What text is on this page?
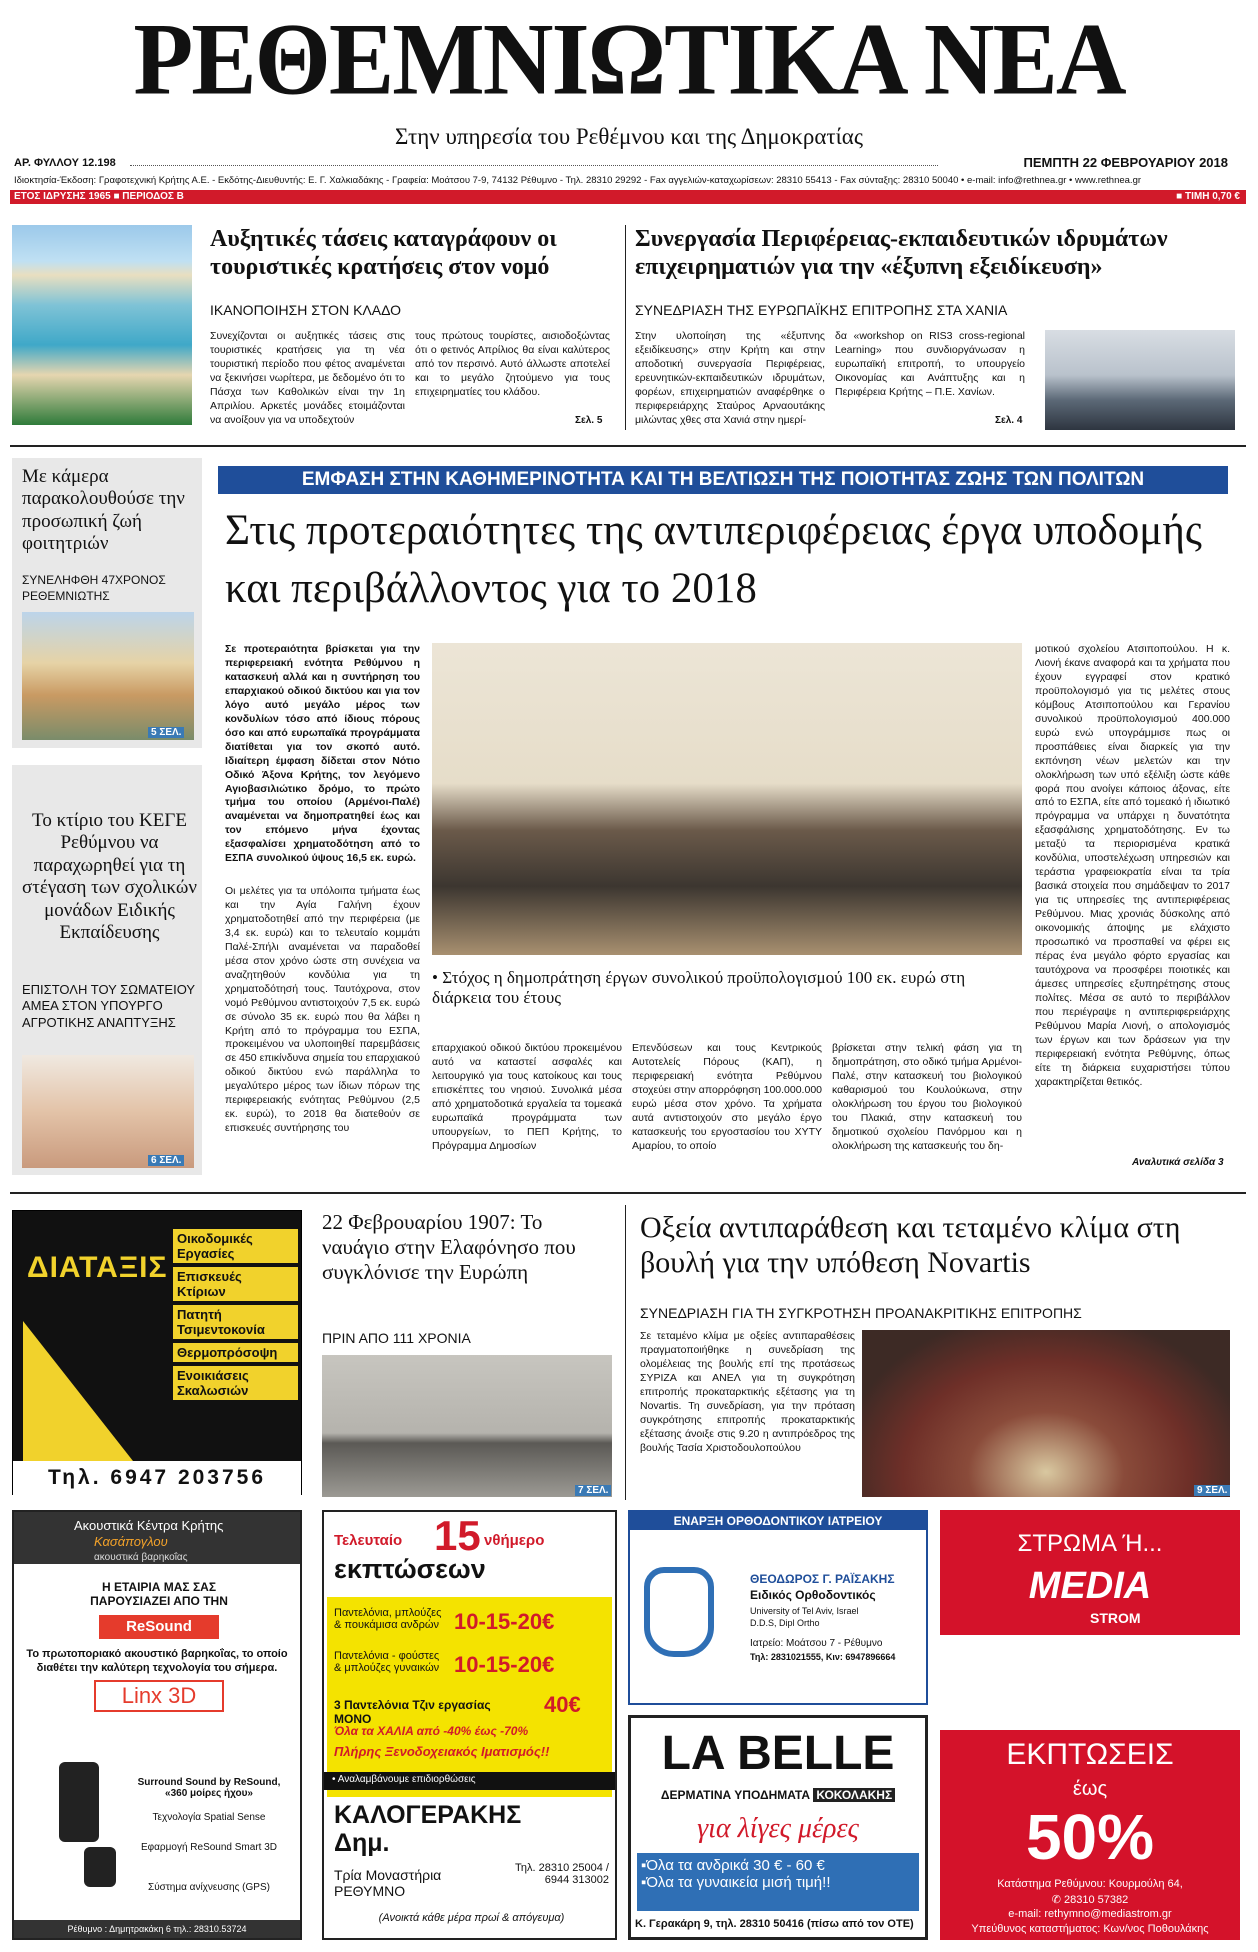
ΡΕΘΕΜΝΙΩΤΙΚΑ ΝΕΑ
Στην υπηρεσία του Ρεθέμνου και της Δημοκρατίας
ΑΡ. ΦΥΛΛΟΥ 12.198	ΠΕΜΠΤΗ 22 ΦΕΒΡΟΥΑΡΙΟΥ 2018
Ιδιοκτησία-Έκδοση: Γραφοτεχνική Κρήτης Α.Ε. - Εκδότης-Διευθυντής: Ε. Γ. Χαλκιαδάκης - Γραφεία: Μοάτσου 7-9, 74132 Ρέθυμνο - Τηλ. 28310 29292 - Fax αγγελιών-καταχωρίσεων: 28310 55413 - Fax σύνταξης: 28310 50040 • e-mail: info@rethnea.gr • www.rethnea.gr
ΕΤΟΣ ΙΔΡΥΣΗΣ 1965 ■ ΠΕΡΙΟΔΟΣ Β	■ ΤΙΜΗ 0,70 €
Αυξητικές τάσεις καταγράφουν οι τουριστικές κρατήσεις στον νομό
ΙΚΑΝΟΠΟΙΗΣΗ ΣΤΟΝ ΚΛΑΔΟ
Συνεχίζονται οι αυξητικές τάσεις στις τουριστικές κρατήσεις για τη νέα τουριστική περίοδο που φέτος αναμένεται να ξεκινήσει νωρίτερα, με δεδομένο ότι το Πάσχα των Καθολικών είναι την 1η Απριλίου. Αρκετές μονάδες ετοιμάζονται να ανοίξουν για να υποδεχτούν
τους πρώτους τουρίστες, αισιοδοξώντας ότι ο φετινός Απρίλιος θα είναι καλύτερος από τον περσινό. Αυτό άλλωστε αποτελεί και το μεγάλο ζητούμενο για τους επιχειρηματίες του κλάδου.
Σελ. 5
Συνεργασία Περιφέρειας-εκπαιδευτικών ιδρυμάτων επιχειρηματιών για την «έξυπνη εξειδίκευση»
ΣΥΝΕΔΡΙΑΣΗ ΤΗΣ ΕΥΡΩΠΑΪΚΗΣ ΕΠΙΤΡΟΠΗΣ ΣΤΑ ΧΑΝΙΑ
Στην υλοποίηση της «έξυπνης εξειδίκευσης» στην Κρήτη και στην αποδοτική συνεργασία Περιφέρειας, ερευνητικών-εκπαιδευτικών ιδρυμάτων, φορέων, επιχειρηματιών αναφέρθηκε ο περιφερειάρχης Σταύρος Αρναουτάκης μιλώντας χθες στα Χανιά στην ημερί-
δα «workshop on RIS3 cross-regional Learning» που συνδιοργάνωσαν η ευρωπαϊκή επιτροπή, το υπουργείο Οικονομίας και Ανάπτυξης και η Περιφέρεια Κρήτης – Π.Ε. Χανίων.
Σελ. 4
Με κάμερα παρακολουθούσε την προσωπική ζωή φοιτητριών
ΣΥΝΕΛΗΦΘΗ 47ΧΡΟΝΟΣ ΡΕΘΕΜΝΙΩΤΗΣ
5 ΣΕΛ.
Το κτίριο του ΚΕΓΕ Ρεθύμνου να παραχωρηθεί για τη στέγαση των σχολικών μονάδων Ειδικής Εκπαίδευσης
ΕΠΙΣΤΟΛΗ ΤΟΥ ΣΩΜΑΤΕΙΟΥ ΑΜΕΑ ΣΤΟΝ ΥΠΟΥΡΓΟ ΑΓΡΟΤΙΚΗΣ ΑΝΑΠΤΥΞΗΣ
6 ΣΕΛ.
ΕΜΦΑΣΗ ΣΤΗΝ ΚΑΘΗΜΕΡΙΝΟΤΗΤΑ ΚΑΙ ΤΗ ΒΕΛΤΙΩΣΗ ΤΗΣ ΠΟΙΟΤΗΤΑΣ ΖΩΗΣ ΤΩΝ ΠΟΛΙΤΩΝ
Στις προτεραιότητες της αντιπεριφέρειας έργα υποδομής και περιβάλλοντος για το 2018
Σε προτεραιότητα βρίσκεται για την περιφερειακή ενότητα Ρεθύμνου η κατασκευή αλλά και η συντήρηση του επαρχιακού οδικού δικτύου και για τον λόγο αυτό μεγάλο μέρος των κονδυλίων τόσο από ίδιους πόρους όσο και από ευρωπαϊκά προγράμματα διατίθεται για τον σκοπό αυτό. Ιδιαίτερη έμφαση δίδεται στον Νότιο Οδικό Άξονα Κρήτης, τον λεγόμενο Αγιοβασιλιώτικο δρόμο, το πρώτο τμήμα του οποίου (Αρμένοι-Παλέ) αναμένεται να δημοπρατηθεί έως και τον επόμενο μήνα έχοντας εξασφαλίσει χρηματοδότηση από το ΕΣΠΑ συνολικού ύψους 16,5 εκ. ευρώ.
Οι μελέτες για τα υπόλοιπα τμήματα έως και την Αγία Γαλήνη έχουν χρηματοδοτηθεί από την περιφέρεια (με 3,4 εκ. ευρώ) και το τελευταίο κομμάτι Παλέ-Σπήλι αναμένεται να παραδοθεί μέσα στον χρόνο ώστε στη συνέχεια να αναζητηθούν κονδύλια για τη χρηματοδότησή τους. Ταυτόχρονα, στον νομό Ρεθύμνου αντιστοιχούν 7,5 εκ. ευρώ σε σύνολο 35 εκ. ευρώ που θα λάβει η Κρήτη από το πρόγραμμα του ΕΣΠΑ, προκειμένου να υλοποιηθεί παρεμβάσεις σε 450 επικίνδυνα σημεία του επαρχιακού οδικού δικτύου ενώ παράλληλα το μεγαλύτερο μέρος των ίδιων πόρων της περιφερειακής ενότητας Ρεθύμνου (2,5 εκ. ευρώ), το 2018 θα διατεθούν σε επισκευές συντήρησης του
• Στόχος η δημοπράτηση έργων συνολικού προϋπολογισμού 100 εκ. ευρώ στη διάρκεια του έτους
επαρχιακού οδικού δικτύου προκειμένου αυτό να καταστεί ασφαλές και λειτουργικό για τους κατοίκους και τους επισκέπτες του νησιού. Συνολικά μέσα από χρηματοδοτικά εργαλεία τα τομεακά ευρωπαϊκά προγράμματα των υπουργείων, το ΠΕΠ Κρήτης, το Πρόγραμμα Δημοσίων
Επενδύσεων και τους Κεντρικούς Αυτοτελείς Πόρους (ΚΑΠ), η περιφερειακή ενότητα Ρεθύμνου στοχεύει στην απορρόφηση 100.000.000 ευρώ μέσα στον χρόνο. Τα χρήματα αυτά αντιστοιχούν στο μεγάλο έργο κατασκευής του εργοστασίου του ΧΥΤΥ Αμαρίου, το οποίο
βρίσκεται στην τελική φάση για τη δημοπράτηση, στο οδικό τμήμα Αρμένοι-Παλέ, στην κατασκευή του βιολογικού καθαρισμού του Κουλούκωνα, στην ολοκλήρωση του έργου του βιολογικού του Πλακιά, στην κατασκευή του δημοτικού σχολείου Πανόρμου και η ολοκλήρωση της κατασκευής του δη-
μοτικού σχολείου Ατσιποπούλου. Η κ. Λιονή έκανε αναφορά και τα χρήματα που έχουν εγγραφεί στον κρατικό προϋπολογισμό για τις μελέτες στους κόμβους Ατσιποπούλου και Γερανίου συνολικού προϋπολογισμού 400.000 ευρώ ενώ υπογράμμισε πως οι προσπάθειες είναι διαρκείς για την εκπόνηση νέων μελετών και την ολοκλήρωση των υπό εξέλιξη ώστε κάθε φορά που ανοίγει κάποιος άξονας, είτε από το ΕΣΠΑ, είτε από τομεακό ή ιδιωτικό πρόγραμμα να υπάρχει η δυνατότητα εξασφάλισης χρηματοδότησης. Εν τω μεταξύ τα περιορισμένα κρατικά κονδύλια, υποστελέχωση υπηρεσιών και τεράστια γραφειοκρατία είναι τα τρία βασικά στοιχεία που σημάδεψαν το 2017 για τις υπηρεσίες της αντιπεριφέρειας Ρεθύμνου. Μιας χρονιάς δύσκολης από οικονομικής άποψης με ελάχιστο προσωπικό να προσπαθεί να φέρει εις πέρας ένα μεγάλο φόρτο εργασίας και ταυτόχρονα να προσφέρει ποιοτικές και άμεσες υπηρεσίες εξυπηρέτησης στους πολίτες. Μέσα σε αυτό το περιβάλλον που περιέγραψε η αντιπεριφερειάρχης Ρεθύμνου Μαρία Λιονή, ο απολογισμός των έργων και των δράσεων για την περιφερειακή ενότητα Ρεθύμνης, όπως είτε τη διάρκεια ευχαριστήσει τύπου χαρακτηρίζεται θετικός.
Αναλυτικά σελίδα 3
ΔΙΑΤΑΞΙΣ
Οικοδομικές Εργασίες
Επισκευές Κτίριων
Πατητή Τσιμεντοκονία
Θερμοπρόσοψη
Ενοικιάσεις Σκαλωσιών
Τηλ. 6947 203756
22 Φεβρουαρίου 1907: Το ναυάγιο στην Ελαφόνησο που συγκλόνισε την Ευρώπη
ΠΡΙΝ ΑΠΟ 111 ΧΡΟΝΙΑ
7 ΣΕΛ.
Οξεία αντιπαράθεση και τεταμένο κλίμα στη βουλή για την υπόθεση Novartis
ΣΥΝΕΔΡΙΑΣΗ ΓΙΑ ΤΗ ΣΥΓΚΡΟΤΗΣΗ ΠΡΟΑΝΑΚΡΙΤΙΚΗΣ ΕΠΙΤΡΟΠΗΣ
Σε τεταμένο κλίμα με οξείες αντιπαραθέσεις πραγματοποιήθηκε η συνεδρίαση της ολομέλειας της βουλής επί της προτάσεως ΣΥΡΙΖΑ και ΑΝΕΛ για τη συγκρότηση επιτροπής προκαταρκτικής εξέτασης για τη Novartis. Τη συνεδρίαση, για την πρόταση συγκρότησης επιτροπής προκαταρκτικής εξέτασης άνοιξε στις 9.20 η αντιπρόεδρος της βουλής Τασία Χριστοδουλοπούλου
9 ΣΕΛ.
Ακουστικά Κέντρα Κρήτης
Κασάπογλου
ακουστικά βαρηκοΐας
Η ΕΤΑΙΡΙΑ ΜΑΣ ΣΑΣ ΠΑΡΟΥΣΙΑΖΕΙ ΑΠΟ ΤΗΝ
ReSound
Το πρωτοποριακό ακουστικό βαρηκοΐας, το οποίο διαθέτει την καλύτερη τεχνολογία του σήμερα.
Linx 3D
Surround Sound by ReSound, «360 μοίρες ήχου»
Τεχνολογία Spatial Sense
Εφαρμογή ReSound Smart 3D
Σύστημα ανίχνευσης (GPS)
Ρέθυμνο : Δημητρακάκη 6 τηλ.: 28310.53724
Τελευταίο 15 νθήμερο
εκπτώσεων
Παντελόνια, μπλούζες & πουκάμισα ανδρών 10-15-20€
Παντελόνια - φούστες & μπλούζες γυναικών 10-15-20€
3 Παντελόνια Τζιν εργασίας ΜΟΝΟ
40€
Όλα τα ΧΑΛΙΑ από -40% έως -70%
Πλήρης Ξενοδοχειακός Ιματισμός!!
• Αναλαμβάνουμε επιδιορθώσεις
ΚΑΛΟΓΕΡΑΚΗΣ Δημ.
Τρία Μοναστήρια ΡΕΘΥΜΝΟ
Τηλ. 28310 25004 / 6944 313002
(Ανοικτά κάθε μέρα πρωί & απόγευμα)
ΕΝΑΡΞΗ ΟΡΘΟΔΟΝΤΙΚΟΥ ΙΑΤΡΕΙΟΥ
ΘΕΟΔΩΡΟΣ Γ. ΡΑΪΣΑΚΗΣ
Ειδικός Ορθοδοντικός
University of Tel Aviv, Israel
D.D.S, Dipl Ortho
Ιατρείο: Μοάτσου 7 - Ρέθυμνο
Τηλ: 2831021555, Κιν: 6947896664
LA BELLE
ΔΕΡΜΑΤΙΝΑ ΥΠΟΔΗΜΑΤΑ ΚΟΚΟΛΑΚΗΣ
για λίγες μέρες
▪Όλα τα ανδρικά 30 € - 60 €
▪Όλα τα γυναικεία μισή τιμή!!
Κ. Γερακάρη 9, τηλ. 28310 50416 (πίσω από τον ΟΤΕ)
ΣΤΡΩΜΑ Ή...
MEDIA
STROM
ΕΚΠΤΩΣΕΙΣ
έως
50%
Κατάστημα Ρεθύμνου: Κουρμούλη 64,
✆ 28310 57382
e-mail: rethymno@mediastrom.gr
Υπεύθυνος καταστήματος: Κων/νος Ποθουλάκης
